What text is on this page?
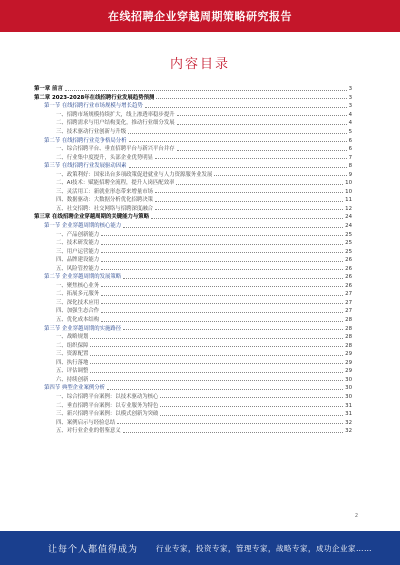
在线招聘企业穿越周期策略研究报告
内容目录
第一章 前言	3
第二章 2023-2028年在线招聘行业发展趋势预测	3
第一节 在线招聘行业市场规模与增长趋势	3
一、招聘市场规模持续扩大，线上渗透率稳步提升	4
二、招聘需求与用户结构变化，推动行业细分发展	4
三、技术驱动行业创新与升级	5
第二节 在线招聘行业竞争格局分析	6
一、综合招聘平台、垂直招聘平台与新兴平台并存	6
二、行业集中度提升，头部企业优势明显	7
第三节 在线招聘行业发展驱动因素	8
一、政策利好：国家出台多项政策促进就业与人力资源服务业发展	9
二、AI技术：赋能招聘全流程，提升人岗匹配效率	10
三、灵活用工：新就业形态带来增量市场	10
四、数据驱动：大数据分析优化招聘决策	11
五、社交招聘：社交网络与招聘深度融合	12
第三章 在线招聘企业穿越周期的关键能力与策略	24
第一节 企业穿越周期的核心能力	24
一、产品创新能力	25
二、技术研发能力	25
三、用户运营能力	25
四、品牌建设能力	26
五、风险管控能力	26
第二节 企业穿越周期的发展策略	26
一、聚焦核心业务	26
二、拓展多元服务	27
三、深化技术应用	27
四、加强生态合作	27
五、优化成本结构	28
第三节 企业穿越周期的实施路径	28
一、战略规划	28
二、组织保障	28
三、资源配置	29
四、执行落地	29
五、评估调整	29
六、持续创新	30
第四节 典型企业案例分析	30
一、综合招聘平台案例：以技术驱动为核心	30
二、垂直招聘平台案例：以专业服务为特色	31
三、新兴招聘平台案例：以模式创新为突破	31
四、案例启示与经验总结	32
五、对行业企业的借鉴意义	32
2
让每个人都值得成为 行业专家，投资专家，管理专家，战略专家，成功企业家……
